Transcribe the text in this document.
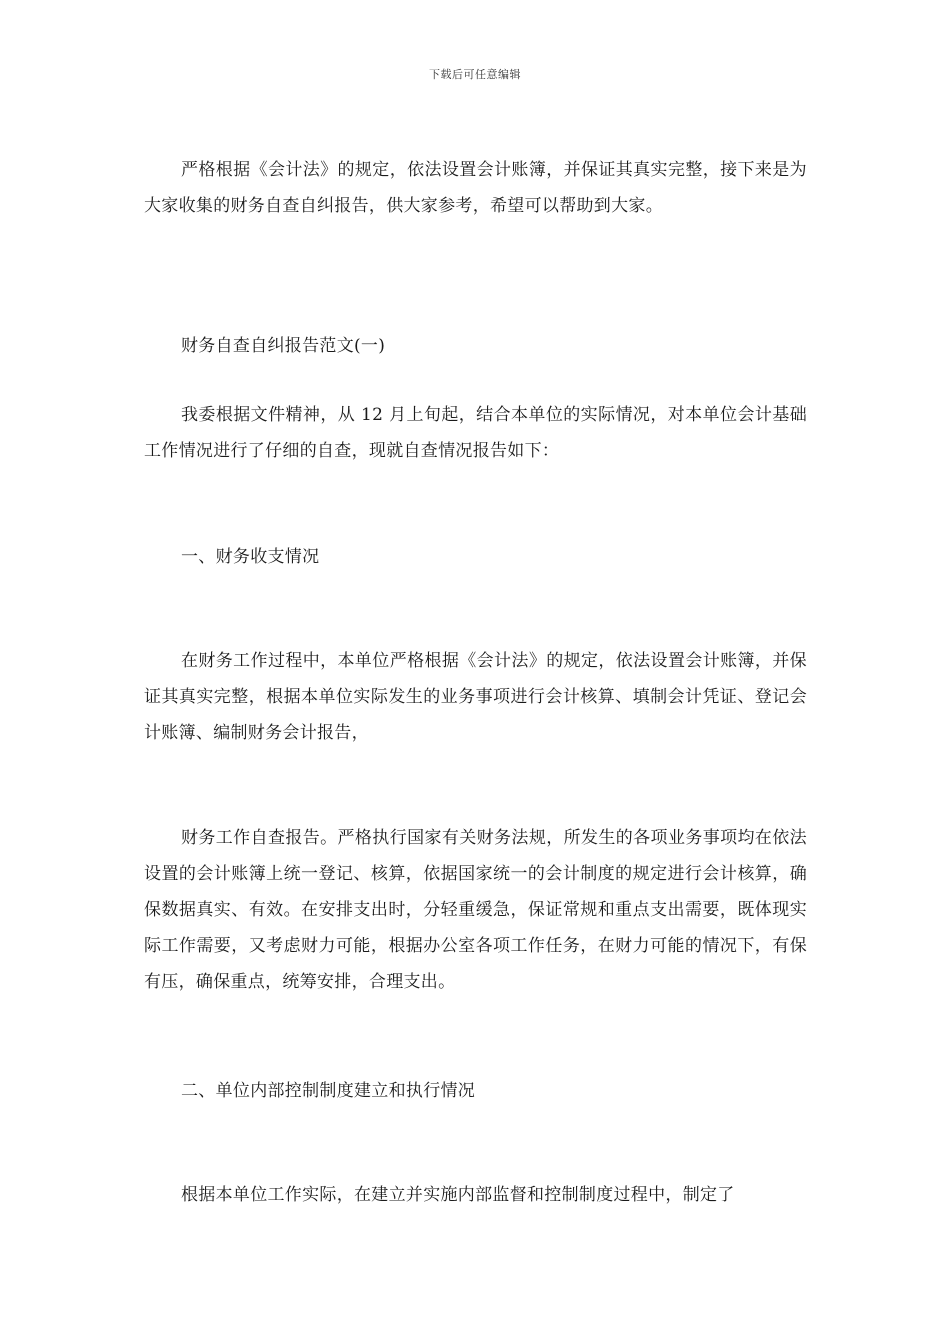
下载后可任意编辑
严格根据《会计法》的规定，依法设置会计账簿，并保证其真实完整，接下来是为大家收集的财务自查自纠报告，供大家参考，希望可以帮助到大家。
财务自查自纠报告范文(一)
我委根据文件精神，从 12 月上旬起，结合本单位的实际情况，对本单位会计基础工作情况进行了仔细的自查，现就自查情况报告如下：
一、财务收支情况
在财务工作过程中，本单位严格根据《会计法》的规定，依法设置会计账簿，并保证其真实完整，根据本单位实际发生的业务事项进行会计核算、填制会计凭证、登记会计账簿、编制财务会计报告，
财务工作自查报告。严格执行国家有关财务法规，所发生的各项业务事项均在依法设置的会计账簿上统一登记、核算，依据国家统一的会计制度的规定进行会计核算，确保数据真实、有效。在安排支出时，分轻重缓急，保证常规和重点支出需要，既体现实际工作需要，又考虑财力可能，根据办公室各项工作任务，在财力可能的情况下，有保有压，确保重点，统筹安排，合理支出。
二、单位内部控制制度建立和执行情况
根据本单位工作实际，在建立并实施内部监督和控制制度过程中，制定了
